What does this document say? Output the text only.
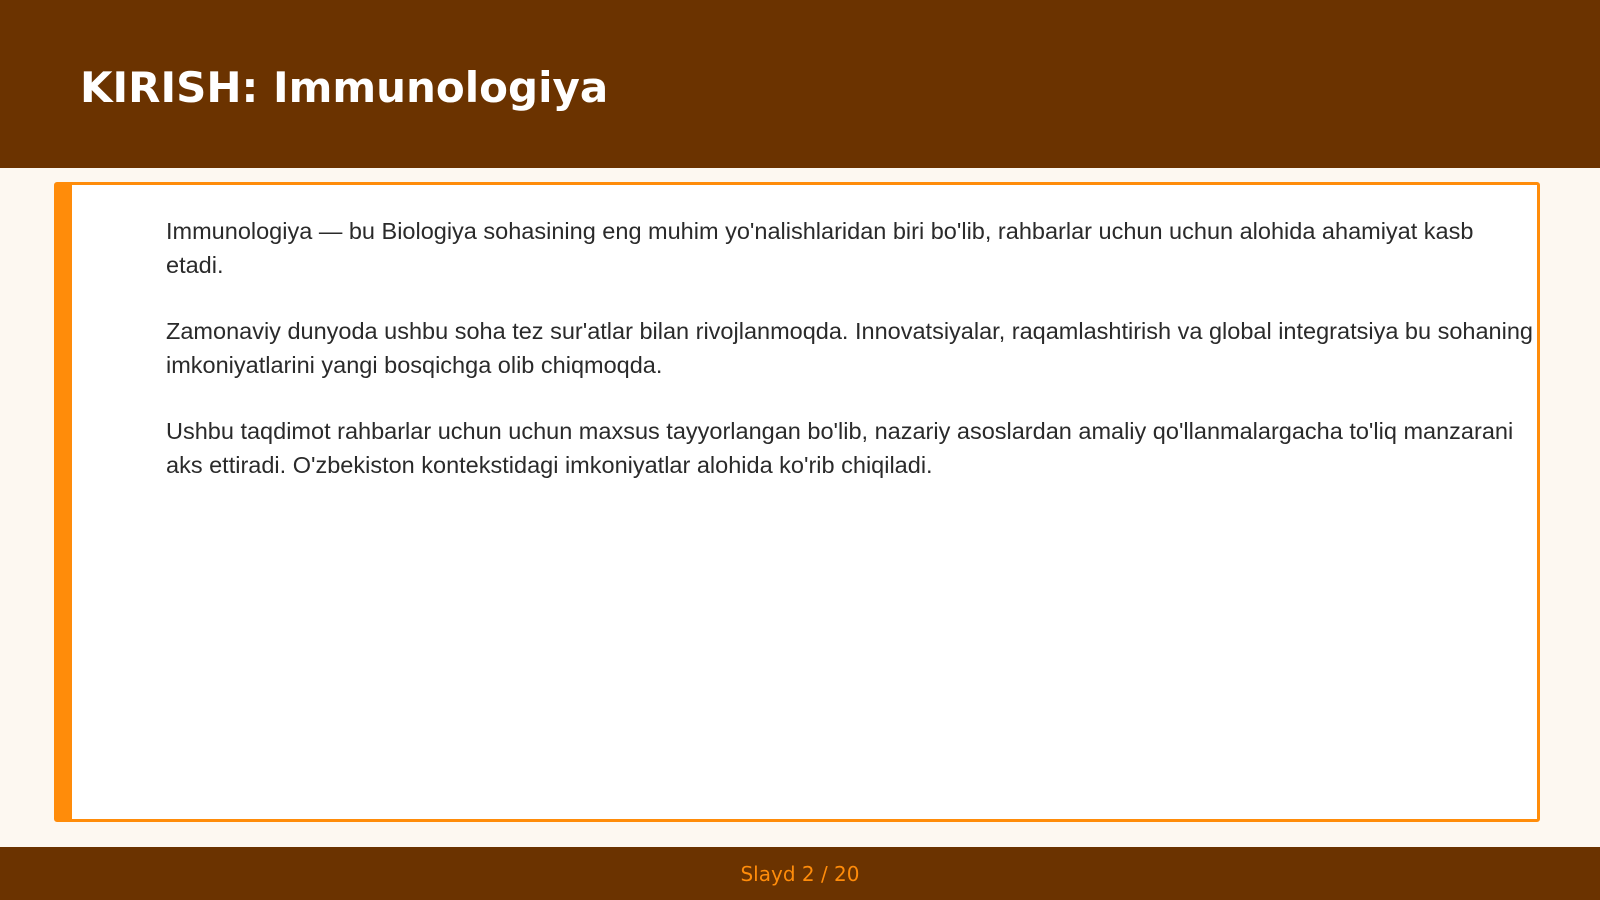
KIRISH: Immunologiya

Immunologiya — bu Biologiya sohasining eng muhim yo'nalishlaridan biri bo'lib, rahbarlar uchun uchun alohida ahamiyat kasb etadi.

Zamonaviy dunyoda ushbu soha tez sur'atlar bilan rivojlanmoqda. Innovatsiyalar, raqamlashtirish va global integratsiya bu sohaning imkoniyatlarini yangi bosqichga olib chiqmoqda.

Ushbu taqdimot rahbarlar uchun uchun maxsus tayyorlangan bo'lib, nazariy asoslardan amaliy qo'llanmalargacha to'liq manzarani aks ettiradi. O'zbekiston kontekstidagi imkoniyatlar alohida ko'rib chiqiladi.

Slayd 2 / 20
